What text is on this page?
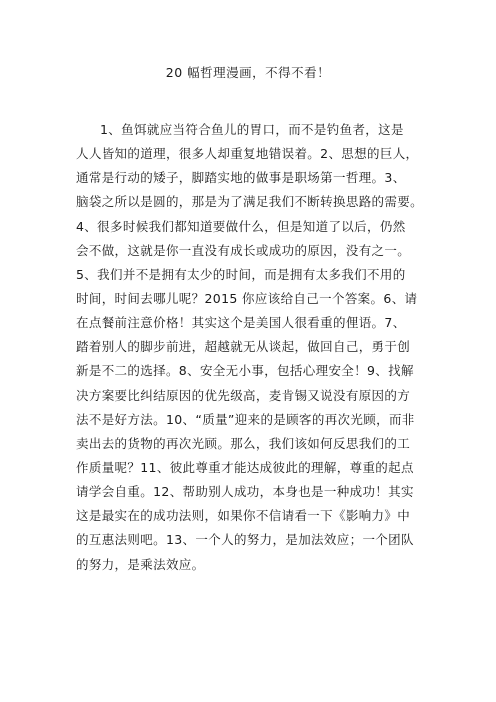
20 幅哲理漫画，不得不看！
1、鱼饵就应当符合鱼儿的胃口，而不是钓鱼者，这是
人人皆知的道理，很多人却重复地错误着。2、思想的巨人，
通常是行动的矮子，脚踏实地的做事是职场第一哲理。3、
脑袋之所以是圆的，那是为了满足我们不断转换思路的需要。
4、很多时候我们都知道要做什么，但是知道了以后，仍然
会不做，这就是你一直没有成长或成功的原因，没有之一。
5、我们并不是拥有太少的时间，而是拥有太多我们不用的
时间，时间去哪儿呢？2015 你应该给自己一个答案。6、请
在点餐前注意价格！其实这个是美国人很看重的俚语。7、
踏着别人的脚步前进，超越就无从谈起，做回自己，勇于创
新是不二的选择。8、安全无小事，包括心理安全！9、找解
决方案要比纠结原因的优先级高，麦肯锡又说没有原因的方
法不是好方法。10、“质量”迎来的是顾客的再次光顾，而非
卖出去的货物的再次光顾。那么，我们该如何反思我们的工
作质量呢？11、彼此尊重才能达成彼此的理解，尊重的起点
请学会自重。12、帮助别人成功，本身也是一种成功！其实
这是最实在的成功法则，如果你不信请看一下《影响力》中
的互惠法则吧。13、一个人的努力，是加法效应；一个团队
的努力，是乘法效应。
